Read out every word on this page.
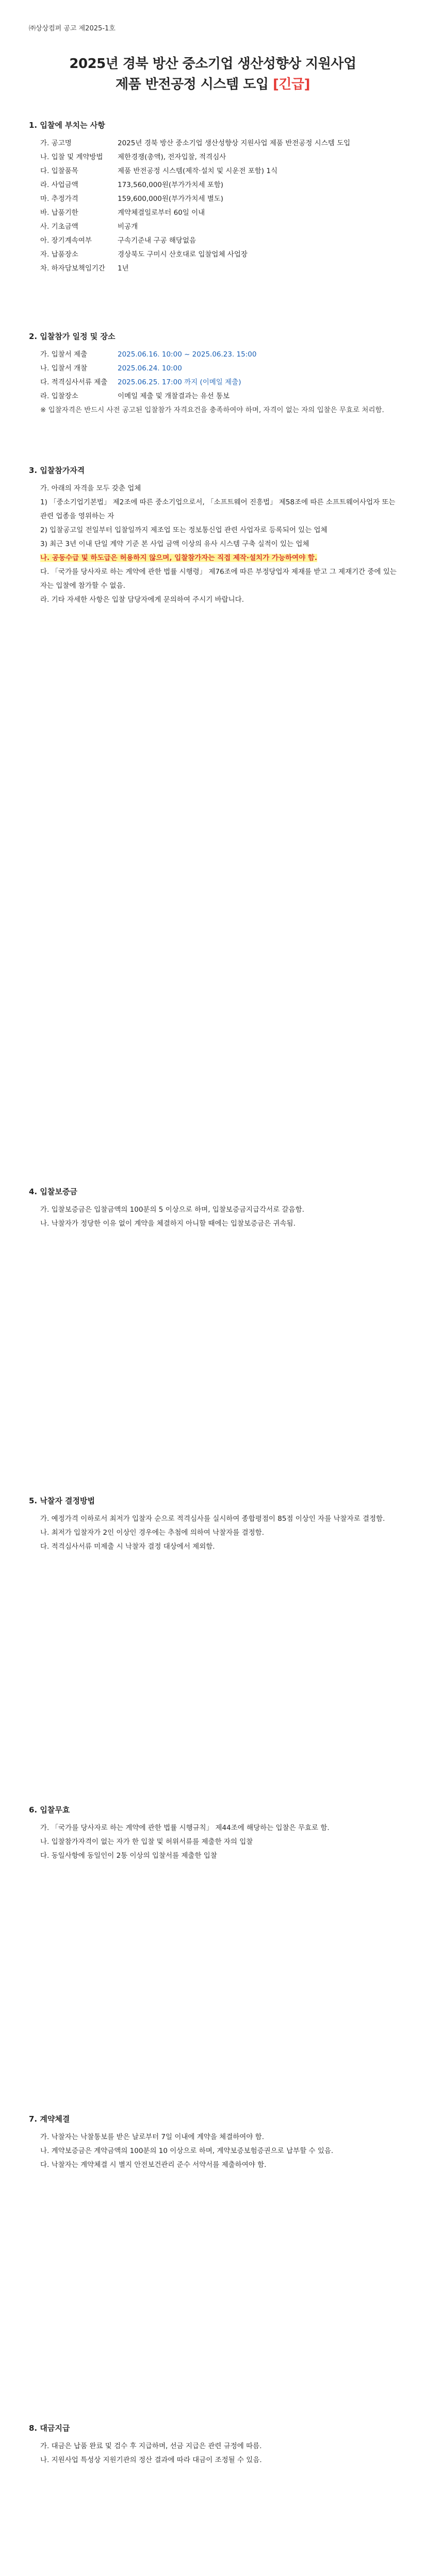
㈜상상컴퍼 공고 제2025-1호
2025년 경북 방산 중소기업 생산성향상 지원사업
제품 반전공정 시스템 도입 [긴급]
1. 입찰에 부치는 사항
가. 공고명	2025년 경북 방산 중소기업 생산성향상 지원사업 제품 반전공정 시스템 도입
나. 입찰 및 계약방법	제한경쟁(총액), 전자입찰, 적격심사
다. 입찰품목	제품 반전공정 시스템(제작·설치 및 시운전 포함) 1식
라. 사업금액	173,560,000원(부가가치세 포함)
마. 추정가격	159,600,000원(부가가치세 별도)
바. 납품기한	계약체결일로부터 60일 이내
사. 기초금액	비공개
아. 장기계속여부	구속기준내 구공 해당없음
자. 납품장소	경상북도 구미시 산호대로 입찰업체 사업장
차. 하자담보책임기간	1년
2. 입찰참가 일정 및 장소
가. 입찰서 제출	2025.06.16. 10:00 ~ 2025.06.23. 15:00
나. 입찰서 개찰	2025.06.24. 10:00
다. 적격심사서류 제출	2025.06.25. 17:00 까지 (이메일 제출)
라. 입찰장소	이메일 제출 및 개찰결과는 유선 통보
※ 입찰자격은 반드시 사전 공고된 입찰참가 자격요건을 충족하여야 하며, 자격이 없는 자의 입찰은 무효로 처리함.
3. 입찰참가자격
가. 아래의 자격을 모두 갖춘 업체
1) 「중소기업기본법」 제2조에 따른 중소기업으로서, 「소프트웨어 진흥법」 제58조에 따른 소프트웨어사업자 또는 관련 업종을 영위하는 자
2) 입찰공고일 전일부터 입찰일까지 제조업 또는 정보통신업 관련 사업자로 등록되어 있는 업체
3) 최근 3년 이내 단일 계약 기준 본 사업 금액 이상의 유사 시스템 구축 실적이 있는 업체
나. 공동수급 및 하도급은 허용하지 않으며, 입찰참가자는 직접 제작·설치가 가능하여야 함.
다. 「국가를 당사자로 하는 계약에 관한 법률 시행령」 제76조에 따른 부정당업자 제재를 받고 그 제재기간 중에 있는 자는 입찰에 참가할 수 없음.
라. 기타 자세한 사항은 입찰 담당자에게 문의하여 주시기 바랍니다.
4. 입찰보증금
가. 입찰보증금은 입찰금액의 100분의 5 이상으로 하며, 입찰보증금지급각서로 갈음함.
나. 낙찰자가 정당한 이유 없이 계약을 체결하지 아니할 때에는 입찰보증금은 귀속됨.
5. 낙찰자 결정방법
가. 예정가격 이하로서 최저가 입찰자 순으로 적격심사를 실시하여 종합평점이 85점 이상인 자를 낙찰자로 결정함.
나. 최저가 입찰자가 2인 이상인 경우에는 추첨에 의하여 낙찰자를 결정함.
다. 적격심사서류 미제출 시 낙찰자 결정 대상에서 제외함.
6. 입찰무효
가. 「국가를 당사자로 하는 계약에 관한 법률 시행규칙」 제44조에 해당하는 입찰은 무효로 함.
나. 입찰참가자격이 없는 자가 한 입찰 및 허위서류를 제출한 자의 입찰
다. 동일사항에 동일인이 2통 이상의 입찰서를 제출한 입찰
7. 계약체결
가. 낙찰자는 낙찰통보를 받은 날로부터 7일 이내에 계약을 체결하여야 함.
나. 계약보증금은 계약금액의 100분의 10 이상으로 하며, 계약보증보험증권으로 납부할 수 있음.
다. 낙찰자는 계약체결 시 별지 안전보건관리 준수 서약서를 제출하여야 함.
8. 대금지급
가. 대금은 납품 완료 및 검수 후 지급하며, 선금 지급은 관련 규정에 따름.
나. 지원사업 특성상 지원기관의 정산 결과에 따라 대금이 조정될 수 있음.
